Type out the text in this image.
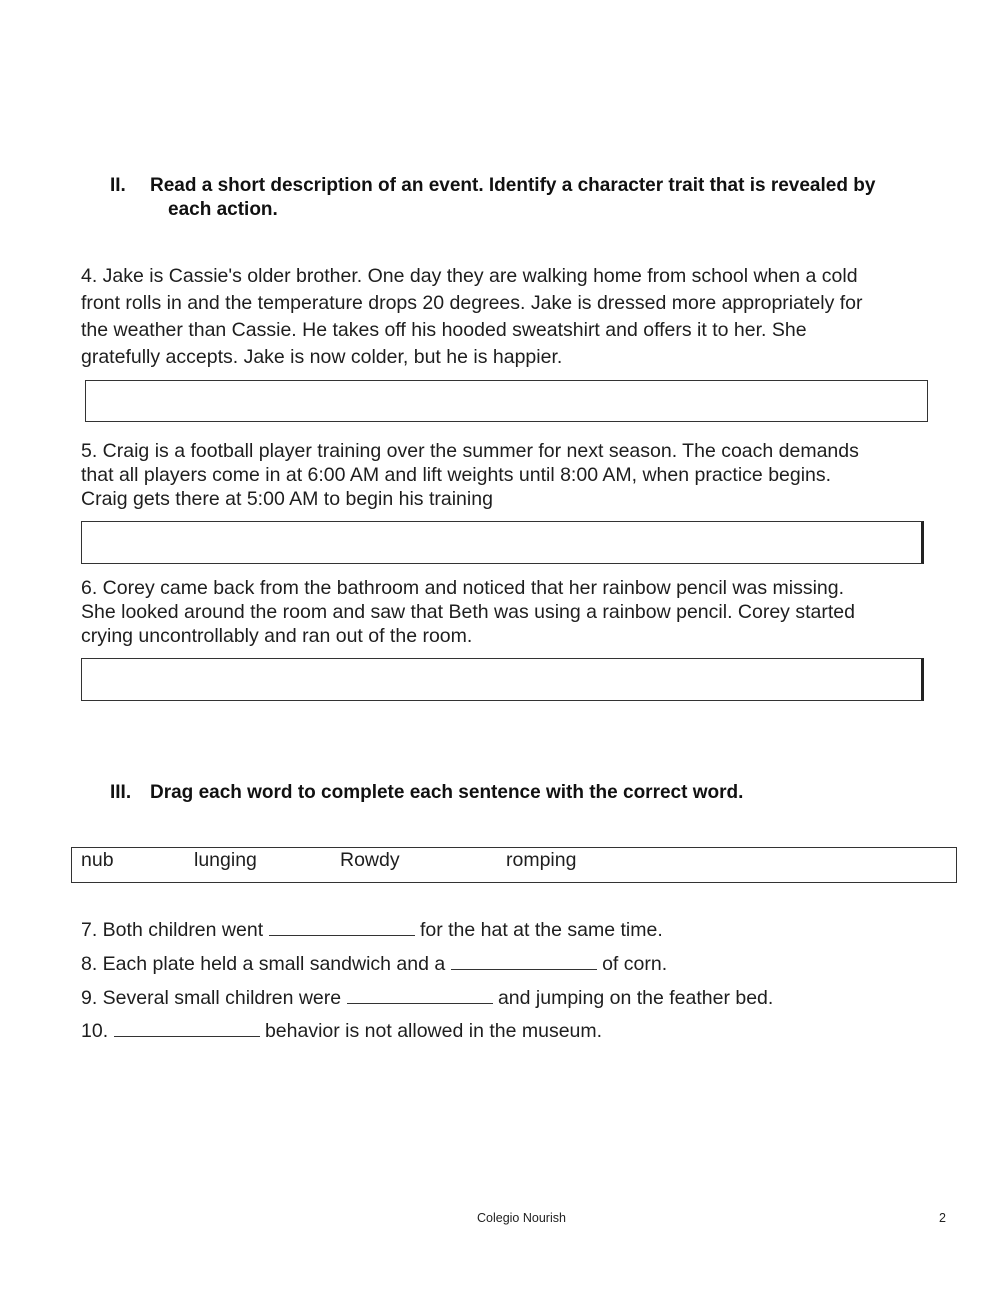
II. Read a short description of an event. Identify a character trait that is revealed by
each action.
4. Jake is Cassie's older brother. One day they are walking home from school when a cold
front rolls in and the temperature drops 20 degrees. Jake is dressed more appropriately for
the weather than Cassie. He takes off his hooded sweatshirt and offers it to her. She
gratefully accepts. Jake is now colder, but he is happier.
5. Craig is a football player training over the summer for next season. The coach demands
that all players come in at 6:00 AM and lift weights until 8:00 AM, when practice begins.
Craig gets there at 5:00 AM to begin his training
6. Corey came back from the bathroom and noticed that her rainbow pencil was missing.
She looked around the room and saw that Beth was using a rainbow pencil. Corey started
crying uncontrollably and ran out of the room.
III. Drag each word to complete each sentence with the correct word.
nub	lunging	Rowdy	romping
7. Both children went	for the hat at the same time.
8. Each plate held a small sandwich and a	of corn.
9. Several small children were	and jumping on the feather bed.
10.	behavior is not allowed in the museum.
Colegio Nourish	2
